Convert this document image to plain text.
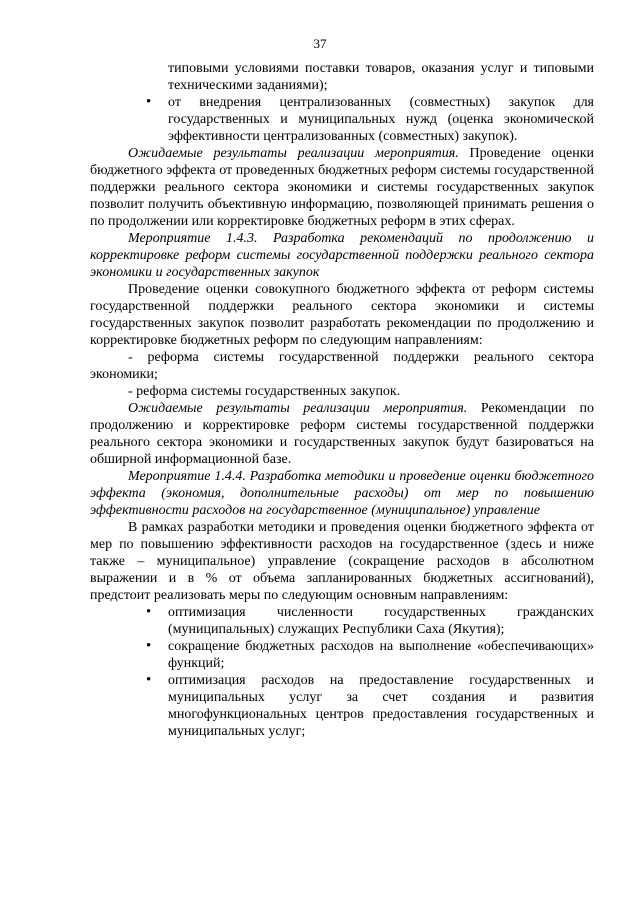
37

типовыми условиями поставки товаров, оказания услуг и типовыми техническими заданиями);

• от внедрения централизованных (совместных) закупок для государственных и муниципальных нужд (оценка экономической эффективности централизованных (совместных) закупок).

Ожидаемые результаты реализации мероприятия. Проведение оценки бюджетного эффекта от проведенных бюджетных реформ системы государственной поддержки реального сектора экономики и системы государственных закупок позволит получить объективную информацию, позволяющей принимать решения о по продолжении или корректировке бюджетных реформ в этих сферах.

Мероприятие 1.4.3. Разработка рекомендаций по продолжению и корректировке реформ системы государственной поддержки реального сектора экономики и государственных закупок

Проведение оценки совокупного бюджетного эффекта от реформ системы государственной поддержки реального сектора экономики и системы государственных закупок позволит разработать рекомендации по продолжению и корректировке бюджетных реформ по следующим направлениям:

- реформа системы государственной поддержки реального сектора экономики;

- реформа системы государственных закупок.

Ожидаемые результаты реализации мероприятия. Рекомендации по продолжению и корректировке реформ системы государственной поддержки реального сектора экономики и государственных закупок будут базироваться на обширной информационной базе.

Мероприятие 1.4.4. Разработка методики и проведение оценки бюджетного эффекта (экономия, дополнительные расходы) от мер по повышению эффективности расходов на государственное (муниципальное) управление

В рамках разработки методики и проведения оценки бюджетного эффекта от мер по повышению эффективности расходов на государственное (здесь и ниже также – муниципальное) управление (сокращение расходов в абсолютном выражении и в % от объема запланированных бюджетных ассигнований), предстоит реализовать меры по следующим основным направлениям:

• оптимизация численности государственных гражданских (муниципальных) служащих Республики Саха (Якутия);
• сокращение бюджетных расходов на выполнение «обеспечивающих» функций;
• оптимизация расходов на предоставление государственных и муниципальных услуг за счет создания и развития многофункциональных центров предоставления государственных и муниципальных услуг;
